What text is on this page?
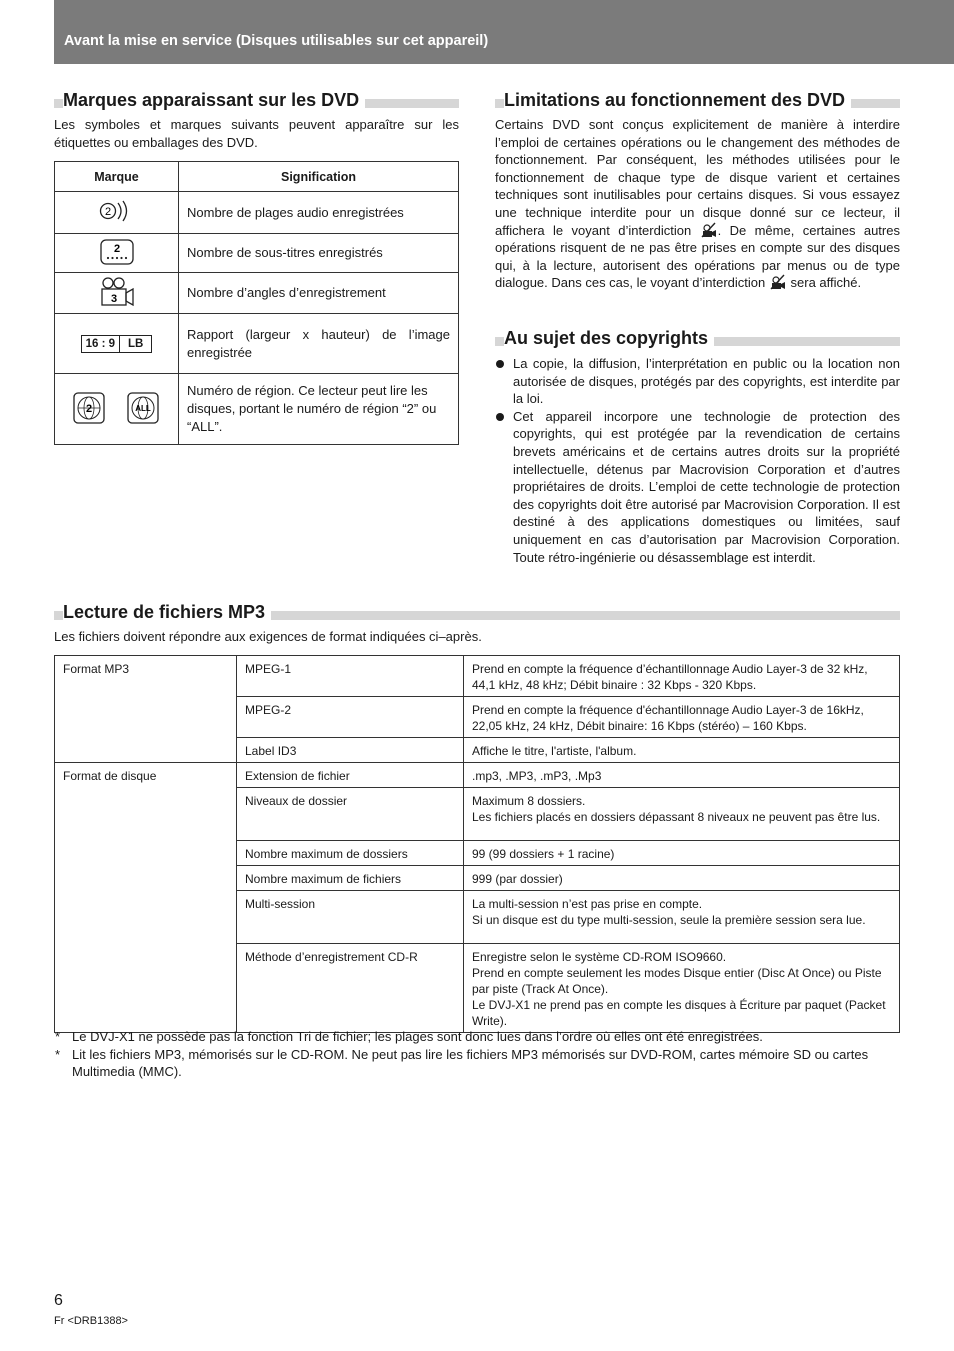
Avant la mise en service (Disques utilisables sur cet appareil)
Marques apparaissant sur les DVD

Les symboles et marques suivants peuvent apparaître sur les étiquettes ou emballages des DVD.

Marque	Signification

2	Nombre de plages audio enregistrées

2	Nombre de sous-titres enregistrés

3	Nombre d’angles d’enregistrement

16 : 9 LB	Rapport (largeur x hauteur) de l’image enregistrée

2 ALL	Numéro de région. Ce lecteur peut lire les disques, portant le numéro de région “2” ou “ALL”.
Limitations au fonctionnement des DVD

Certains DVD sont conçus explicitement de manière à interdire l’emploi de certaines opérations ou le changement des méthodes de fonctionnement. Par conséquent, les méthodes utilisées pour le fonctionnement de chaque type de disque varient et certaines techniques sont inutilisables pour certains disques. Si vous essayez une technique interdite pour un disque donné sur ce lecteur, il affichera le voyant d’interdiction . De même, certaines autres opérations risquent de ne pas être prises en compte sur des disques qui, à la lecture, autorisent des opérations par menus ou de type dialogue. Dans ces cas, le voyant d’interdiction sera affiché.

Au sujet des copyrights
La copie, la diffusion, l’interprétation en public ou la location non autorisée de disques, protégés par des copyrights, est interdite par la loi.
Cet appareil incorpore une technologie de protection des copyrights, qui est protégée par la revendication de certains brevets américains et de certains autres droits sur la propriété intellectuelle, détenus par Macrovision Corporation et d’autres propriétaires de droits. L’emploi de cette technologie de protection des copyrights doit être autorisé par Macrovision Corporation. Il est destiné à des applications domestiques ou limitées, sauf uniquement en cas d’autorisation par Macrovision Corporation. Toute rétro-ingénierie ou désassemblage est interdit.
Lecture de fichiers MP3

Les fichiers doivent répondre aux exigences de format indiquées ci–après.

Format MP3	MPEG-1	Prend en compte la fréquence d’échantillonnage Audio Layer-3 de 32 kHz, 44,1 kHz, 48 kHz; Débit binaire : 32 Kbps - 320 Kbps.
	MPEG-2	Prend en compte la fréquence d'échantillonnage Audio Layer-3 de 16kHz, 22,05 kHz, 24 kHz, Débit binaire: 16 Kbps (stéréo) – 160 Kbps.
	Label ID3	Affiche le titre, l'artiste, l'album.
Format de disque	Extension de fichier	.mp3, .MP3, .mP3, .Mp3

	Niveaux de dossier	Maximum 8 dossiers.
Les fichiers placés en dossiers dépassant 8 niveaux ne peuvent pas être lus.

	Nombre maximum de dossiers	99 (99 dossiers + 1 racine)

	Nombre maximum de fichiers	999 (par dossier)

	Multi-session	La multi-session n’est pas prise en compte.
Si un disque est du type multi-session, seule la première session sera lue.

	Méthode d’enregistrement CD-R	Enregistre selon le système CD-ROM ISO9660.
Prend en compte seulement les modes Disque entier (Disc At Once) ou Piste par piste (Track At Once).
Le DVJ-X1 ne prend pas en compte les disques à Écriture par paquet (Packet Write).
* Le DVJ-X1 ne possède pas la fonction Tri de fichier; les plages sont donc lues dans l’ordre où elles ont été enregistrées.
* Lit les fichiers MP3, mémorisés sur le CD-ROM. Ne peut pas lire les fichiers MP3 mémorisés sur DVD-ROM, cartes mémoire SD ou cartes Multimedia (MMC).
6
Fr <DRB1388>
